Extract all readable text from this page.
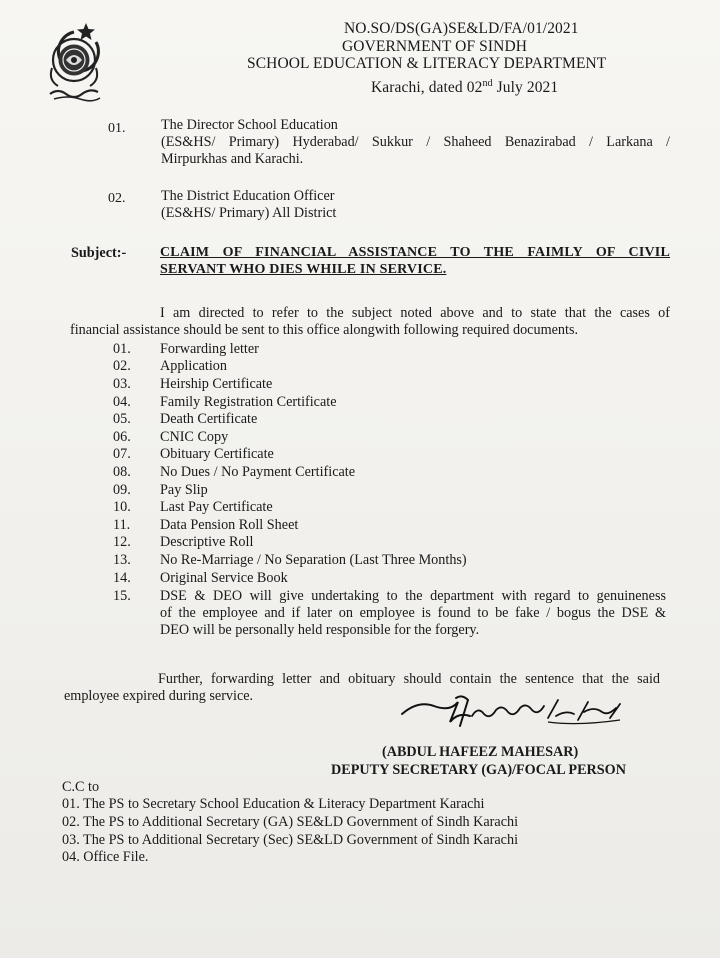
NO.SO/DS(GA)SE&LD/FA/01/2021
GOVERNMENT OF SINDH
SCHOOL EDUCATION & LITERACY DEPARTMENT
Karachi, dated 02nd July 2021
01.	The Director School Education
(ES&HS/ Primary) Hyderabad/ Sukkur / Shaheed Benazirabad / Larkana /
Mirpurkhas and Karachi.
02.	The District Education Officer
(ES&HS/ Primary) All District
Subject:- CLAIM OF FINANCIAL ASSISTANCE TO THE FAIMLY OF CIVIL
SERVANT WHO DIES WHILE IN SERVICE.
I am directed to refer to the subject noted above and to state that the cases of
financial assistance should be sent to this office alongwith following required documents.
01.	Forwarding letter
02.	Application
03.	Heirship Certificate
04.	Family Registration Certificate
05.	Death Certificate
06.	CNIC Copy
07.	Obituary Certificate
08.	No Dues / No Payment Certificate
09.	Pay Slip
10.	Last Pay Certificate
11.	Data Pension Roll Sheet
12.	Descriptive Roll
13.	No Re-Marriage / No Separation (Last Three Months)
14.	Original Service Book
15.	DSE & DEO will give undertaking to the department with regard to genuineness
of the employee and if later on employee is found to be fake / bogus the DSE &
DEO will be personally held responsible for the forgery.
Further, forwarding letter and obituary should contain the sentence that the said
employee expired during service.
(ABDUL HAFEEZ MAHESAR)
DEPUTY SECRETARY (GA)/FOCAL PERSON
C.C to
01. The PS to Secretary School Education & Literacy Department Karachi
02. The PS to Additional Secretary (GA) SE&LD Government of Sindh Karachi
03. The PS to Additional Secretary (Sec) SE&LD Government of Sindh Karachi
04. Office File.
